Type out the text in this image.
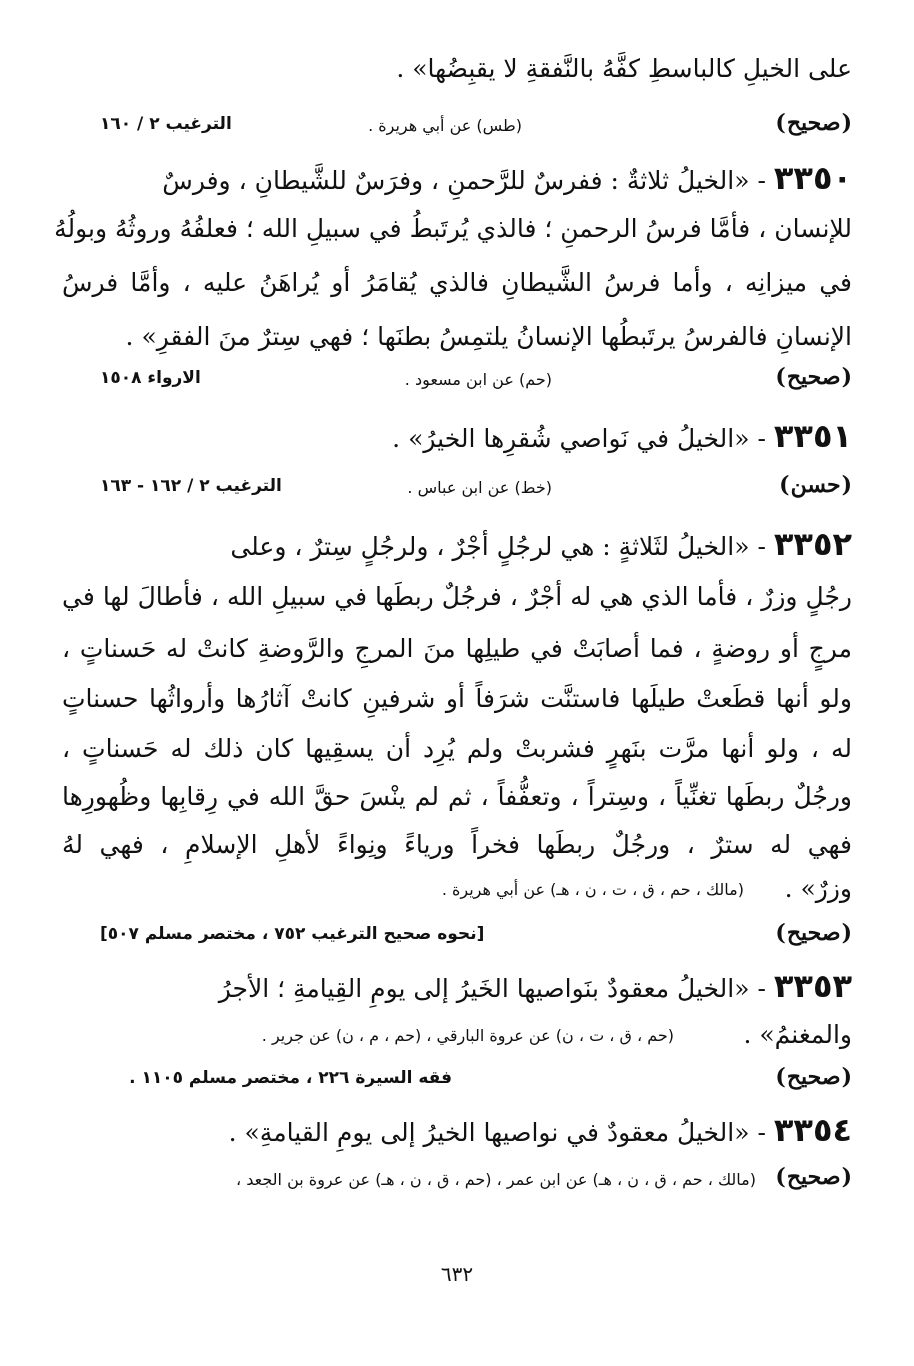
على الخيلِ كالباسطِ كفَّهُ بالنَّفقةِ لا يقبِضُها» .
( صحيح )
(طس) عن أبي هريرة .
الترغيب ٢ / ١٦٠
٣٣٥٠ - «الخيلُ ثلاثةٌ : ففرسٌ للرَّحمنِ ، وفرَسٌ للشَّيطانِ ، وفرسٌ
للإنسان ، فأمَّا فرسُ الرحمنِ ؛ فالذي يُرتَبطُ في سبيلِ الله ؛ فعلفُهُ وروثُهُ وبولُهُ
في ميزانِه ، وأما فرسُ الشَّيطانِ فالذي يُقامَرُ أو يُراهَنُ عليه ، وأمَّا فرسُ
الإنسانِ فالفرسُ يرتَبطُها الإنسانُ يلتمِسُ بطنَها ؛ فهي سِترٌ منَ الفقرِ» .
( صحيح )
(حم) عن ابن مسعود .
الارواء ١٥٠٨
٣٣٥١ - «الخيلُ في نَواصي شُقرِها الخيرُ» .
( حسن )
(خط) عن ابن عباس .
الترغيب ٢ / ١٦٢ - ١٦٣
٣٣٥٢ - «الخيلُ لثَلاثةٍ : هي لرجُلٍ أجْرٌ ، ولرجُلٍ سِترٌ ، وعلى
رجُلٍ وزرٌ ، فأما الذي هي له أجْرٌ ، فرجُلٌ ربطَها في سبيلِ الله ، فأطالَ لها في
مرجٍ أو روضةٍ ، فما أصابَتْ في طيلِها منَ المرجِ والرَّوضةِ كانتْ له حَسناتٍ ،
ولو أنها قطَعتْ طيلَها فاستنَّت شرَفاً أو شرفينِ كانتْ آثارُها وأرواثُها حسناتٍ
له ، ولو أنها مرَّت بنَهرٍ فشربتْ ولم يُرِد أن يسقِيها كان ذلك له حَسناتٍ ،
ورجُلٌ ربطَها تغنِّياً ، وسِتراً ، وتعفُّفاً ، ثم لم ينْسَ حقَّ الله في رِقابِها وظُهورِها
فهي له سترٌ ، ورجُلٌ ربطَها فخراً ورياءً ونِواءً لأهلِ الإسلامِ ، فهي لهُ
وزرٌ» .
(مالك ، حم ، ق ، ت ، ن ، هـ) عن أبي هريرة .
( صحيح )
[نحوه صحيح الترغيب ٧٥٢ ، مختصر مسلم ٥٠٧]
٣٣٥٣ - «الخيلُ معقودٌ بنَواصيها الخَيرُ إلى يومِ القِيامةِ ؛ الأجرُ
والمغنمُ» .
(حم ، ق ، ت ، ن) عن عروة البارقي ، (حم ، م ، ن) عن جرير .
( صحيح )
فقه السيرة ٢٢٦ ، مختصر مسلم ١١٠٥ .
٣٣٥٤ - «الخيلُ معقودٌ في نواصيها الخيرُ إلى يومِ القيامةِ» .
( صحيح )
(مالك ، حم ، ق ، ن ، هـ) عن ابن عمر ، (حم ، ق ، ن ، هـ) عن عروة بن الجعد ،
٦٣٢
